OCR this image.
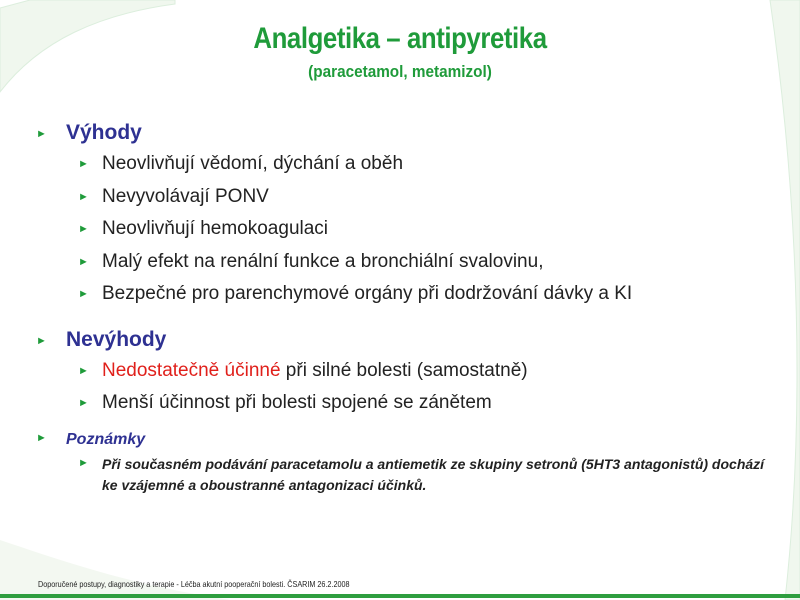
Analgetika – antipyretika
(paracetamol, metamizol)
► Výhody
► Neovlivňují vědomí, dýchání a oběh
► Nevyvolávají PONV
► Neovlivňují hemokoagulaci
► Malý efekt na renální funkce a bronchiální svalovinu,
► Bezpečné pro parenchymové orgány při dodržování dávky a KI
► Nevýhody
► Nedostatečně účinné při silné bolesti (samostatně)
► Menší účinnost při bolesti spojené se zánětem
► Poznámky
► Při současném podávání paracetamolu a antiemetik ze skupiny setronů (5HT3 antagonistů) dochází ke vzájemné a oboustranné antagonizaci účinků.
Doporučené postupy, diagnostiky a terapie - Léčba akutní pooperační bolesti. ČSARIM 26.2.2008
